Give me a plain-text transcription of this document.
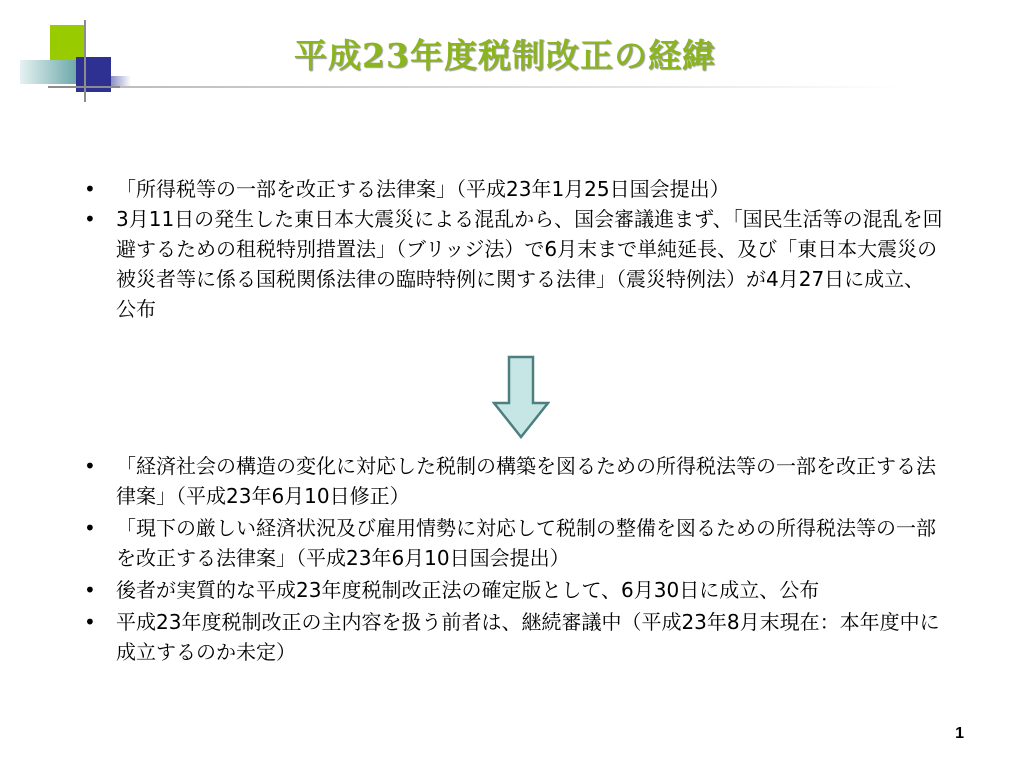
平成23年度税制改正の経緯
•	「所得税等の一部を改正する法律案」（平成23年1月25日国会提出）
•	3月11日の発生した東日本大震災による混乱から、国会審議進まず、「国民生活等の混乱を回避するための租税特別措置法」（ブリッジ法）で6月末まで単純延長、及び「東日本大震災の被災者等に係る国税関係法律の臨時特例に関する法律」（震災特例法）が4月27日に成立、公布
•	「経済社会の構造の変化に対応した税制の構築を図るための所得税法等の一部を改正する法律案」（平成23年6月10日修正）
•	「現下の厳しい経済状況及び雇用情勢に対応して税制の整備を図るための所得税法等の一部を改正する法律案」（平成23年6月10日国会提出）
•	後者が実質的な平成23年度税制改正法の確定版として、6月30日に成立、公布
•	平成23年度税制改正の主内容を扱う前者は、継続審議中（平成23年8月末現在：本年度中に成立するのか未定）
1
